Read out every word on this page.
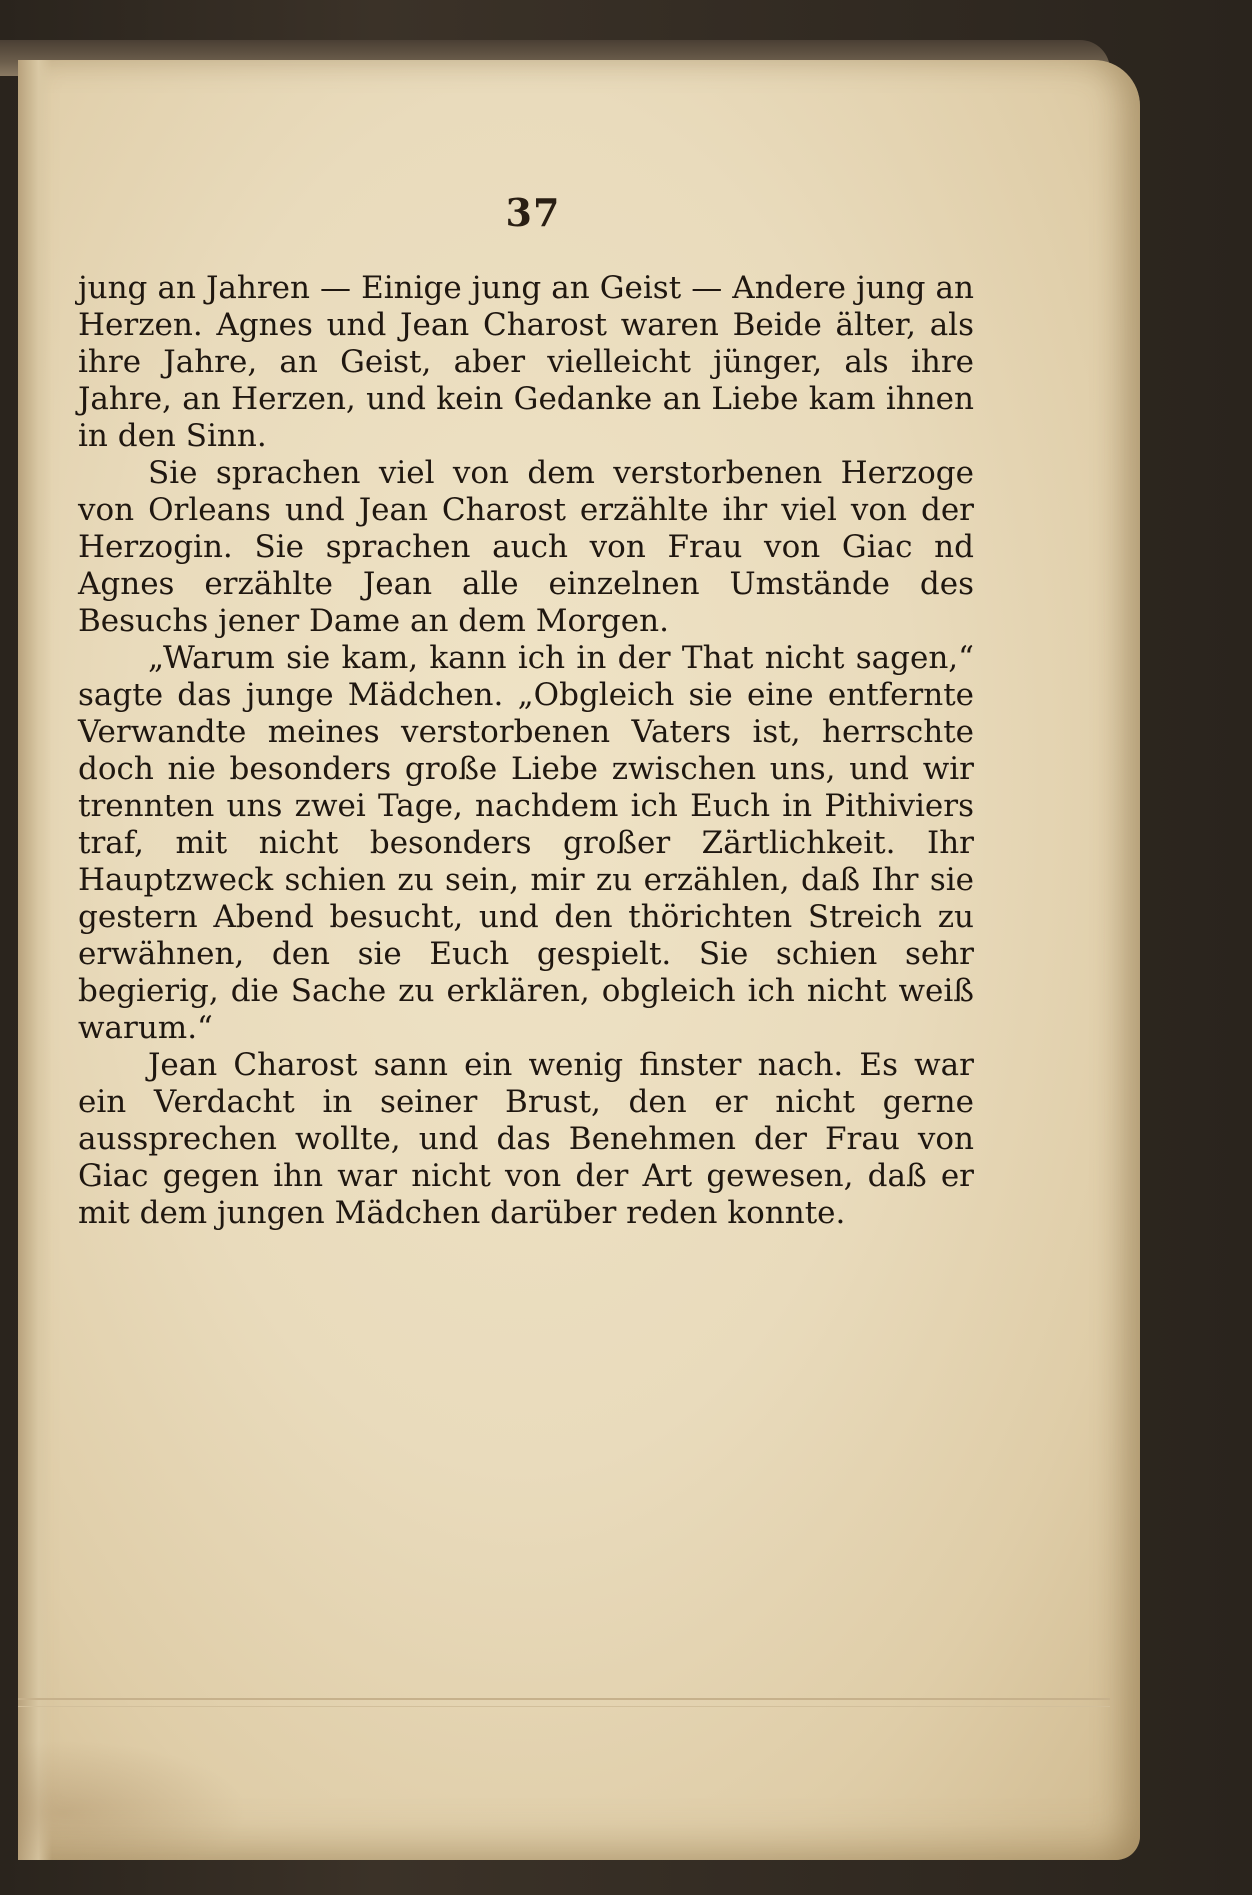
37

jung an Jahren — Einige jung an Geist — Andere jung an Herzen. Agnes und Jean Charost waren Beide älter, als ihre Jahre, an Geist, aber vielleicht jünger, als ihre Jahre, an Herzen, und kein Gedanke an Liebe kam ihnen in den Sinn.

Sie sprachen viel von dem verstorbenen Herzoge von Orleans und Jean Charost erzählte ihr viel von der Herzogin. Sie sprachen auch von Frau von Giac nd Agnes erzählte Jean alle einzelnen Umstände des Besuchs jener Dame an dem Morgen.

„Warum sie kam, kann ich in der That nicht sagen,“ sagte das junge Mädchen. „Obgleich sie eine entfernte Verwandte meines verstorbenen Vaters ist, herrschte doch nie besonders große Liebe zwischen uns, und wir trennten uns zwei Tage, nachdem ich Euch in Pithiviers traf, mit nicht besonders großer Zärtlichkeit. Ihr Hauptzweck schien zu sein, mir zu erzählen, daß Ihr sie gestern Abend besucht, und den thörichten Streich zu erwähnen, den sie Euch gespielt. Sie schien sehr begierig, die Sache zu erklären, obgleich ich nicht weiß warum.“

Jean Charost sann ein wenig finster nach. Es war ein Verdacht in seiner Brust, den er nicht gerne aussprechen wollte, und das Benehmen der Frau von Giac gegen ihn war nicht von der Art gewesen, daß er mit dem jungen Mädchen darüber reden konnte.
